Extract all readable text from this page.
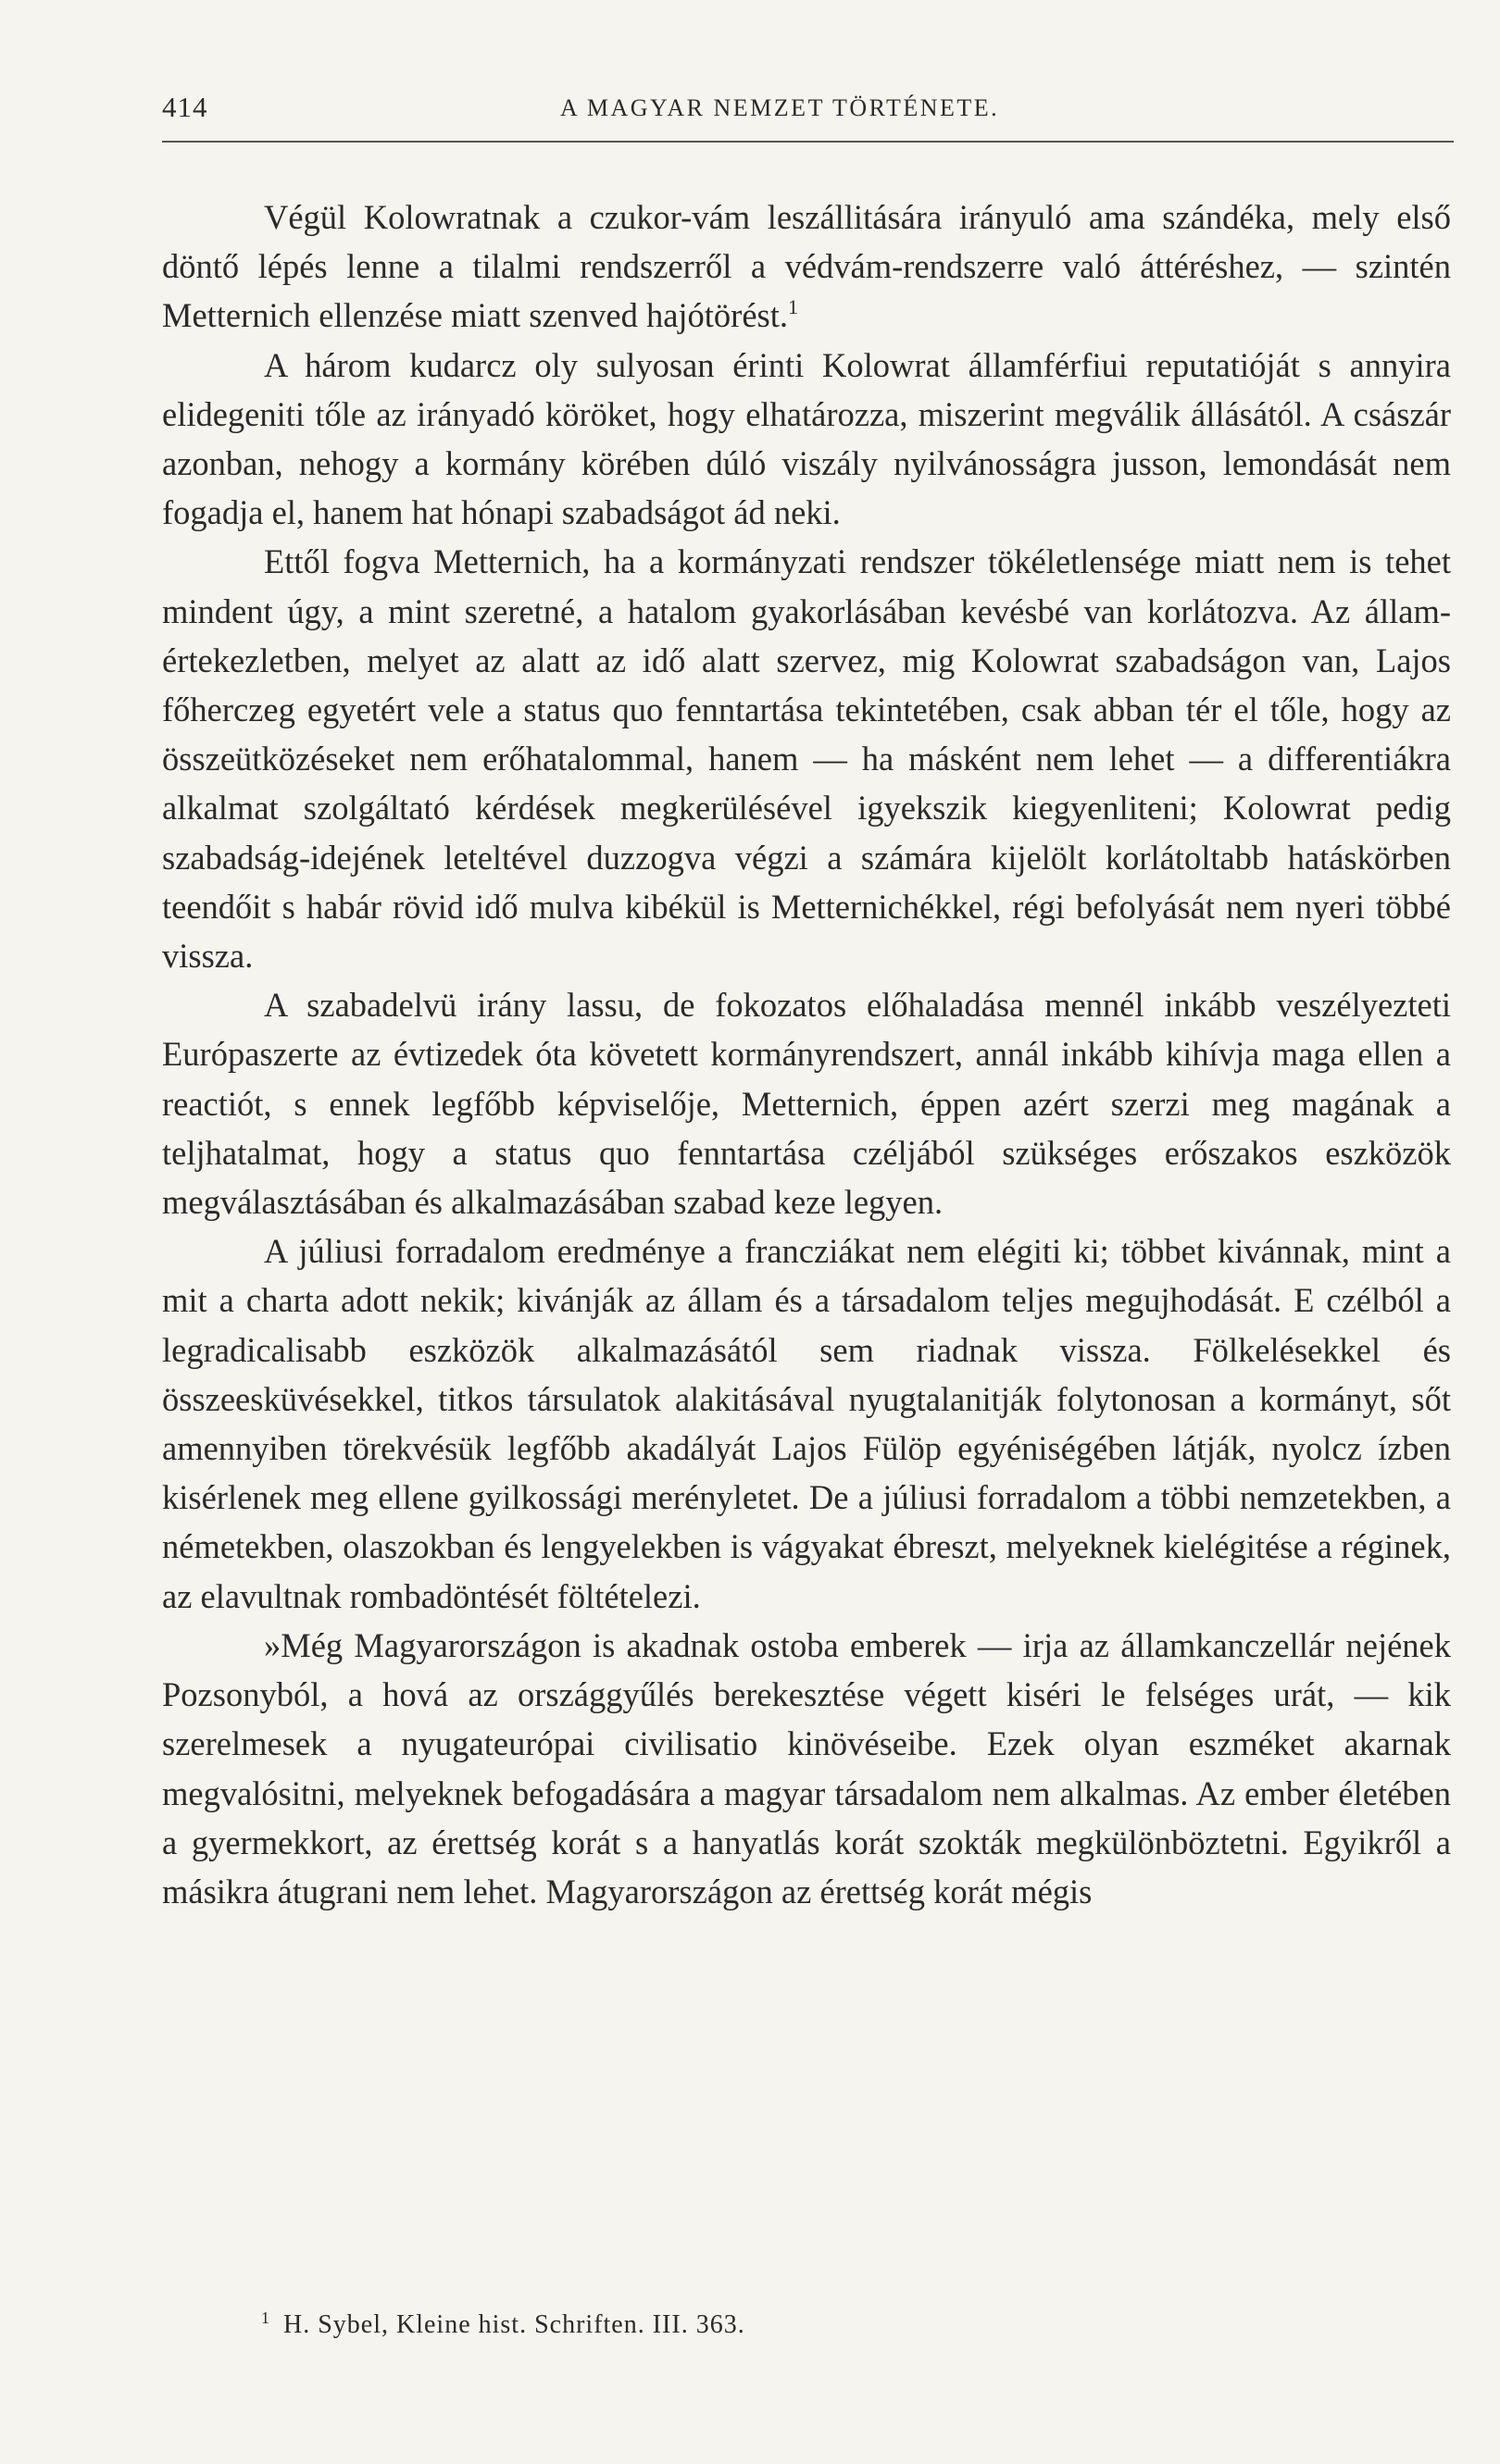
414	A MAGYAR NEMZET TÖRTÉNETE.

Végül Kolowratnak a czukor-vám leszállitására irányuló ama szándéka, mely első döntő lépés lenne a tilalmi rendszerről a védvám-rendszerre való áttéréshez, — szintén Metternich ellenzése miatt szenved hajótörést.$^1$

A három kudarcz oly sulyosan érinti Kolowrat államférfiui reputatióját s annyira elidegeniti tőle az irányadó köröket, hogy elhatározza, miszerint megválik állásától. A császár azonban, nehogy a kormány körében dúló viszály nyilvánosságra jusson, lemondását nem fogadja el, hanem hat hónapi szabadságot ád neki.

Ettől fogva Metternich, ha a kormányzati rendszer tökéletlensége miatt nem is tehet mindent úgy, a mint szeretné, a hatalom gyakorlásában kevésbé van korlátozva. Az állam-értekezletben, melyet az alatt az idő alatt szervez, mig Kolowrat szabadságon van, Lajos főherczeg egyetért vele a status quo fenntartása tekintetében, csak abban tér el tőle, hogy az összeütközéseket nem erőhatalommal, hanem — ha másként nem lehet — a differentiákra alkalmat szolgáltató kérdések megkerülésével igyekszik kiegyenliteni; Kolowrat pedig szabadság-idejének leteltével duzzogva végzi a számára kijelölt korlátoltabb hatáskörben teendőit s habár rövid idő mulva kibékül is Metternichékkel, régi befolyását nem nyeri többé vissza.

A szabadelvü irány lassu, de fokozatos előhaladása mennél inkább veszélyezteti Európaszerte az évtizedek óta követett kormányrendszert, annál inkább kihívja maga ellen a reactiót, s ennek legfőbb képviselője, Metternich, éppen azért szerzi meg magának a teljhatalmat, hogy a status quo fenntartása czéljából szükséges erőszakos eszközök megválasztásában és alkalmazásában szabad keze legyen.

A júliusi forradalom eredménye a francziákat nem elégiti ki; többet kivánnak, mint a mit a charta adott nekik; kivánják az állam és a társadalom teljes megujhodását. E czélból a legradicalisabb eszközök alkalmazásától sem riadnak vissza. Fölkelésekkel és összeesküvésekkel, titkos társulatok alakitásával nyugtalanitják folytonosan a kormányt, sőt amennyiben törekvésük legfőbb akadályát Lajos Fülöp egyéniségében látják, nyolcz ízben kisérlenek meg ellene gyilkossági merényletet. De a júliusi forradalom a többi nemzetekben, a németekben, olaszokban és lengyelekben is vágyakat ébreszt, melyeknek kielégitése a réginek, az elavultnak rombadöntését föltételezi.

»Még Magyarországon is akadnak ostoba emberek — irja az államkanczellár nejének Pozsonyból, a hová az országgyűlés berekesztése végett kiséri le felséges urát, — kik szerelmesek a nyugateurópai civilisatio kinövéseibe. Ezek olyan eszméket akarnak megvalósitni, melyeknek befogadására a magyar társadalom nem alkalmas. Az ember életében a gyermekkort, az érettség korát s a hanyatlás korát szokták megkülönböztetni. Egyikről a másikra átugrani nem lehet. Magyarországon az érettség korát mégis

$^1$ H. Sybel, Kleine hist. Schriften. III. 363.
